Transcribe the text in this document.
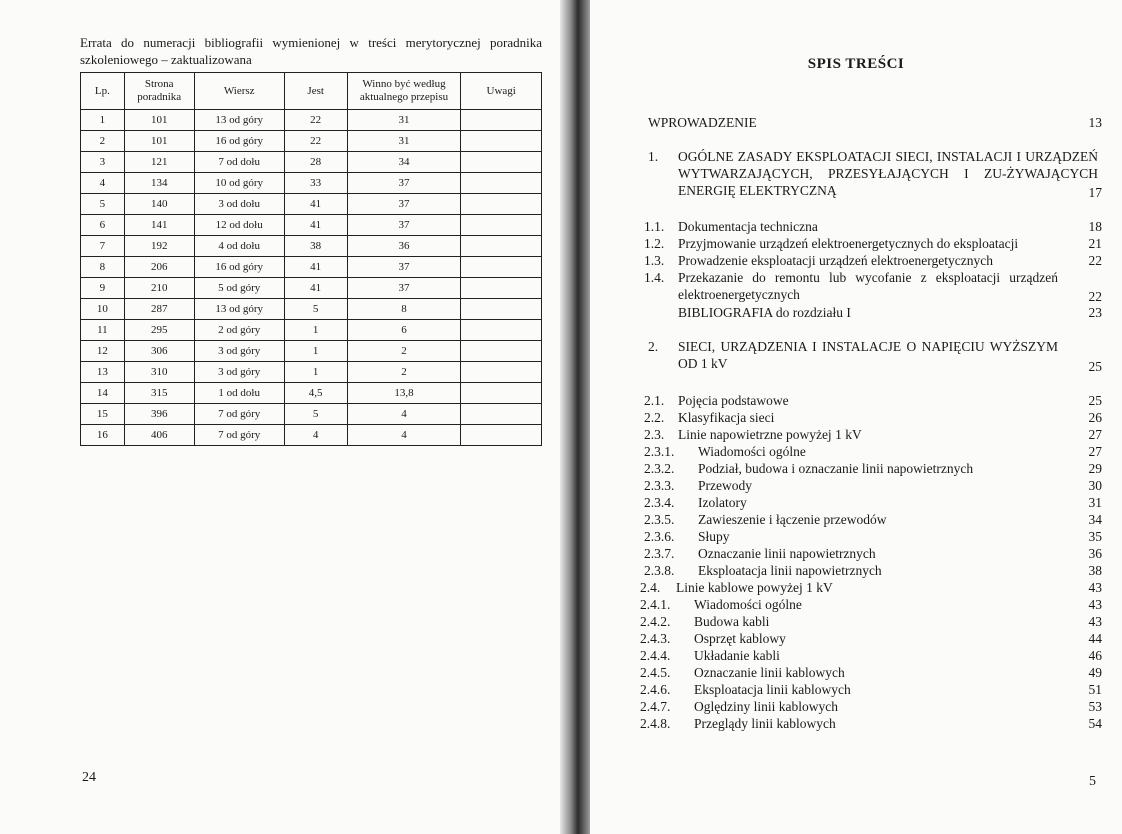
Errata do numeracji bibliografii wymienionej w treści merytorycznej poradnika szkoleniowego – zaktualizowana
Lp.	Strona poradnika	Wiersz	Jest	Winno być według aktualnego przepisu	Uwagi
1	101	13 od góry	22	31	
2	101	16 od góry	22	31	
3	121	7 od dołu	28	34	
4	134	10 od góry	33	37	
5	140	3 od dołu	41	37	
6	141	12 od dołu	41	37	
7	192	4 od dołu	38	36	
8	206	16 od góry	41	37	
9	210	5 od góry	41	37	
10	287	13 od góry	5	8	
11	295	2 od góry	1	6	
12	306	3 od góry	1	2	
13	310	3 od góry	1	2	
14	315	1 od dołu	4,5	13,8	
15	396	7 od góry	5	4	
16	406	7 od góry	4	4	
24
SPIS TREŚCI
WPROWADZENIE	13
1. OGÓLNE ZASADY EKSPLOATACJI SIECI, INSTALACJI I URZĄDZEŃ WYTWARZAJĄCYCH, PRZESYŁAJĄCYCH I ZU-ŻYWAJĄCYCH ENERGIĘ ELEKTRYCZNĄ	17
1.1. Dokumentacja techniczna	18
1.2. Przyjmowanie urządzeń elektroenergetycznych do eksploatacji	21
1.3. Prowadzenie eksploatacji urządzeń elektroenergetycznych	22
1.4. Przekazanie do remontu lub wycofanie z eksploatacji urządzeń elektroenergetycznych	22
BIBLIOGRAFIA do rozdziału I	23
2. SIECI, URZĄDZENIA I INSTALACJE O NAPIĘCIU WYŻSZYM OD 1 kV	25
2.1. Pojęcia podstawowe	25
2.2. Klasyfikacja sieci	26
2.3. Linie napowietrzne powyżej 1 kV	27
2.3.1. Wiadomości ogólne	27
2.3.2. Podział, budowa i oznaczanie linii napowietrznych	29
2.3.3. Przewody	30
2.3.4. Izolatory	31
2.3.5. Zawieszenie i łączenie przewodów	34
2.3.6. Słupy	35
2.3.7. Oznaczanie linii napowietrznych	36
2.3.8. Eksploatacja linii napowietrznych	38
2.4. Linie kablowe powyżej 1 kV	43
2.4.1. Wiadomości ogólne	43
2.4.2. Budowa kabli	43
2.4.3. Osprzęt kablowy	44
2.4.4. Układanie kabli	46
2.4.5. Oznaczanie linii kablowych	49
2.4.6. Eksploatacja linii kablowych	51
2.4.7. Oględziny linii kablowych	53
2.4.8. Przeglądy linii kablowych	54
5
